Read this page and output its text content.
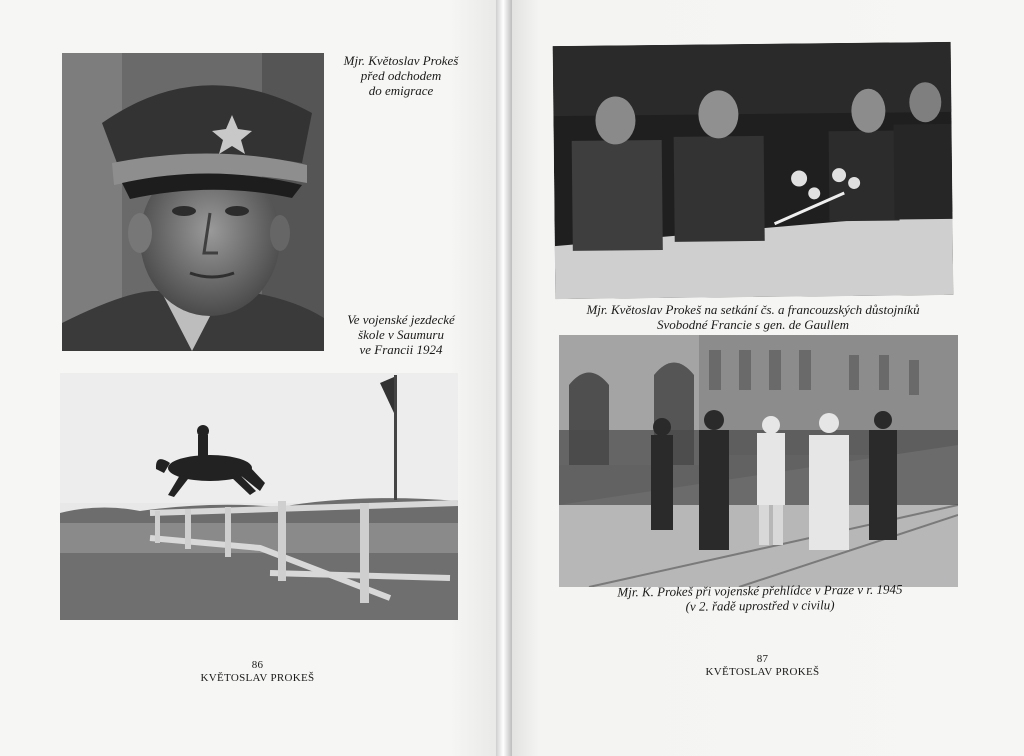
Mjr. Květoslav Prokeš
před odchodem
do emigrace
Ve vojenské jezdecké
škole v Saumuru
ve Francii 1924
86
KVĚTOSLAV PROKEŠ
Mjr. Květoslav Prokeš na setkání čs. a francouzských důstojníků
Svobodné Francie s gen. de Gaullem
Mjr. K. Prokeš při vojenské přehlídce v Praze v r. 1945
(v 2. řadě uprostřed v civilu)
87
KVĚTOSLAV PROKEŠ
